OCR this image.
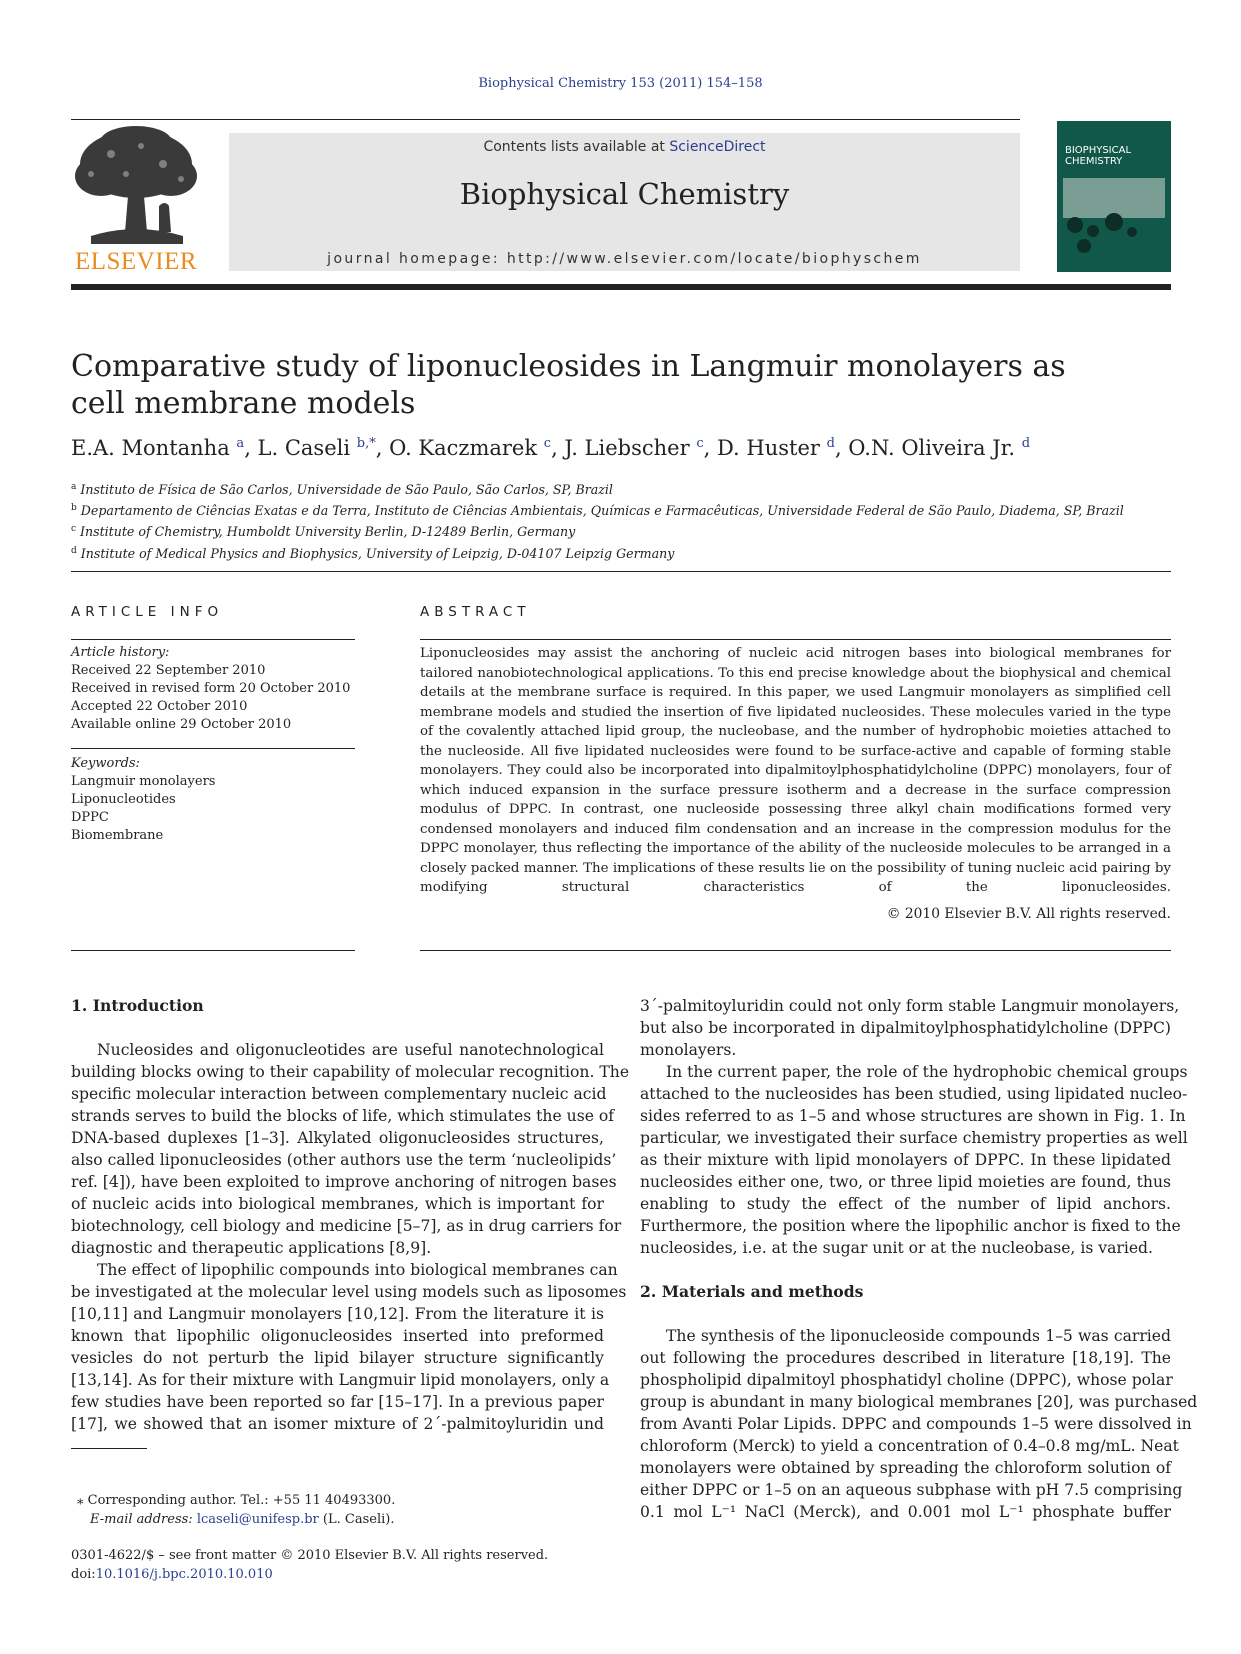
Biophysical Chemistry 153 (2011) 154–158
ELSEVIER
Contents lists available at ScienceDirect
Biophysical Chemistry
journal homepage: http://www.elsevier.com/locate/biophyschem
BIOPHYSICAL
CHEMISTRY
Comparative study of liponucleosides in Langmuir monolayers as cell membrane models
E.A. Montanha $^a$, L. Caseli $^{b,*}$, O. Kaczmarek $^c$, J. Liebscher $^c$, D. Huster $^d$, O.N. Oliveira Jr. $^d$
$^a$ Instituto de Física de São Carlos, Universidade de São Paulo, São Carlos, SP, Brazil
$^b$ Departamento de Ciências Exatas e da Terra, Instituto de Ciências Ambientais, Químicas e Farmacêuticas, Universidade Federal de São Paulo, Diadema, SP, Brazil
$^c$ Institute of Chemistry, Humboldt University Berlin, D-12489 Berlin, Germany
$^d$ Institute of Medical Physics and Biophysics, University of Leipzig, D-04107 Leipzig Germany
ARTICLE INFO	ABSTRACT
Article history:
Received 22 September 2010
Received in revised form 20 October 2010
Accepted 22 October 2010
Available online 29 October 2010
Keywords:
Langmuir monolayers
Liponucleotides
DPPC
Biomembrane
Liponucleosides may assist the anchoring of nucleic acid nitrogen bases into biological membranes for tailored nanobiotechnological applications. To this end precise knowledge about the biophysical and chemical details at the membrane surface is required. In this paper, we used Langmuir monolayers as simplified cell membrane models and studied the insertion of five lipidated nucleosides. These molecules varied in the type of the covalently attached lipid group, the nucleobase, and the number of hydrophobic moieties attached to the nucleoside. All five lipidated nucleosides were found to be surface-active and capable of forming stable monolayers. They could also be incorporated into dipalmitoylphosphatidylcholine (DPPC) monolayers, four of which induced expansion in the surface pressure isotherm and a decrease in the surface compression modulus of DPPC. In contrast, one nucleoside possessing three alkyl chain modifications formed very condensed monolayers and induced film condensation and an increase in the compression modulus for the DPPC monolayer, thus reflecting the importance of the ability of the nucleoside molecules to be arranged in a closely packed manner. The implications of these results lie on the possibility of tuning nucleic acid pairing by modifying structural characteristics of the liponucleosides.
© 2010 Elsevier B.V. All rights reserved.
1. Introduction
Nucleosides and oligonucleotides are useful nanotechnological
building blocks owing to their capability of molecular recognition. The
specific molecular interaction between complementary nucleic acid
strands serves to build the blocks of life, which stimulates the use of
DNA-based duplexes [1–3]. Alkylated oligonucleosides structures,
also called liponucleosides (other authors use the term ‘nucleolipids’
ref. [4]), have been exploited to improve anchoring of nitrogen bases
of nucleic acids into biological membranes, which is important for
biotechnology, cell biology and medicine [5–7], as in drug carriers for
diagnostic and therapeutic applications [8,9].
The effect of lipophilic compounds into biological membranes can
be investigated at the molecular level using models such as liposomes
[10,11] and Langmuir monolayers [10,12]. From the literature it is
known that lipophilic oligonucleosides inserted into preformed
vesicles do not perturb the lipid bilayer structure significantly
[13,14]. As for their mixture with Langmuir lipid monolayers, only a
few studies have been reported so far [15–17]. In a previous paper
[17], we showed that an isomer mixture of 2´-palmitoyluridin und
3´-palmitoyluridin could not only form stable Langmuir monolayers,
but also be incorporated in dipalmitoylphosphatidylcholine (DPPC)
monolayers.
In the current paper, the role of the hydrophobic chemical groups
attached to the nucleosides has been studied, using lipidated nucleo-
sides referred to as 1–5 and whose structures are shown in Fig. 1. In
particular, we investigated their surface chemistry properties as well
as their mixture with lipid monolayers of DPPC. In these lipidated
nucleosides either one, two, or three lipid moieties are found, thus
enabling to study the effect of the number of lipid anchors.
Furthermore, the position where the lipophilic anchor is fixed to the
nucleosides, i.e. at the sugar unit or at the nucleobase, is varied.
2. Materials and methods
The synthesis of the liponucleoside compounds 1–5 was carried
out following the procedures described in literature [18,19]. The
phospholipid dipalmitoyl phosphatidyl choline (DPPC), whose polar
group is abundant in many biological membranes [20], was purchased
from Avanti Polar Lipids. DPPC and compounds 1–5 were dissolved in
chloroform (Merck) to yield a concentration of 0.4–0.8 mg/mL. Neat
monolayers were obtained by spreading the chloroform solution of
either DPPC or 1–5 on an aqueous subphase with pH 7.5 comprising
0.1 mol L⁻¹ NaCl (Merck), and 0.001 mol L⁻¹ phosphate buffer
⁎ Corresponding author. Tel.: +55 11 40493300.
E-mail address: lcaseli@unifesp.br (L. Caseli).
0301-4622/$ – see front matter © 2010 Elsevier B.V. All rights reserved.
doi:10.1016/j.bpc.2010.10.010
